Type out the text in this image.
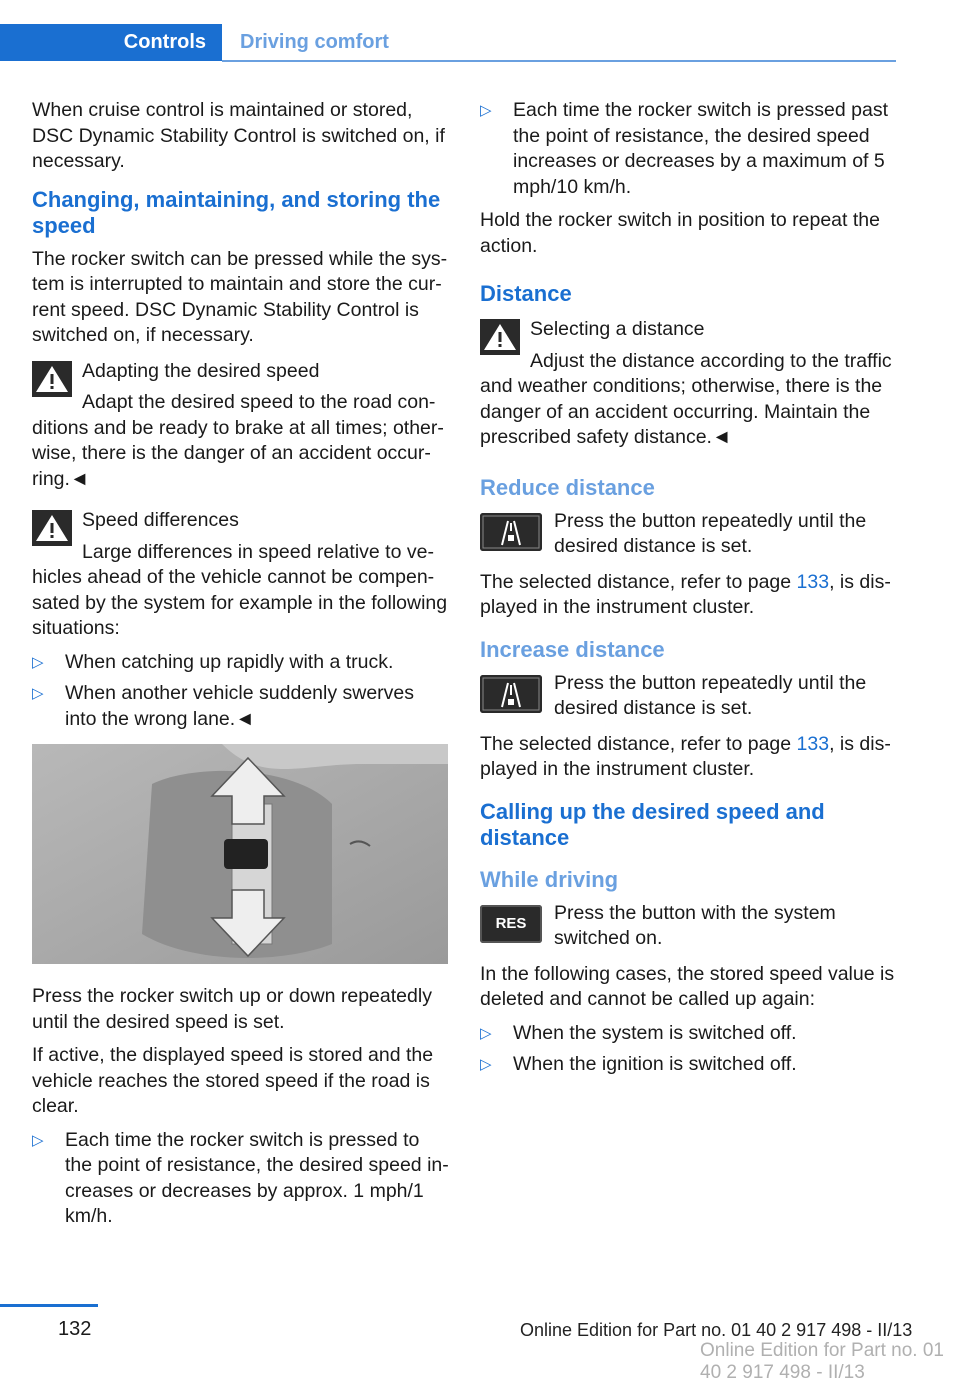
Controls	Driving comfort

When cruise control is maintained or stored, DSC Dynamic Stability Control is switched on, if necessary.

Changing, maintaining, and storing the speed

The rocker switch can be pressed while the sys-tem is interrupted to maintain and store the cur-rent speed. DSC Dynamic Stability Control is switched on, if necessary.

Adapting the desired speed
Adapt the desired speed to the road con-ditions and be ready to brake at all times; other-wise, there is the danger of an accident occur-ring.◄
Speed differences
Large differences in speed relative to ve-hicles ahead of the vehicle cannot be compen-sated by the system for example in the following situations:
▷ When catching up rapidly with a truck.
▷ When another vehicle suddenly swerves into the wrong lane.◄

Press the rocker switch up or down repeatedly until the desired speed is set.

If active, the displayed speed is stored and the vehicle reaches the stored speed if the road is clear.

▷ Each time the rocker switch is pressed to the point of resistance, the desired speed in-creases or decreases by approx. 1 mph/1 km/h.
▷ Each time the rocker switch is pressed past the point of resistance, the desired speed increases or decreases by a maximum of 5 mph/10 km/h.

Hold the rocker switch in position to repeat the action.

Distance
Selecting a distance
Adjust the distance according to the traffic and weather conditions; otherwise, there is the danger of an accident occurring. Maintain the prescribed safety distance.◄
Reduce distance
Press the button repeatedly until the desired distance is set.

The selected distance, refer to page 133, is dis-played in the instrument cluster.

Increase distance
Press the button repeatedly until the desired distance is set.

The selected distance, refer to page 133, is dis-played in the instrument cluster.

Calling up the desired speed and distance
While driving
RES Press the button with the system switched on.

In the following cases, the stored speed value is deleted and cannot be called up again:

▷ When the system is switched off.
▷ When the ignition is switched off.
132	Online Edition for Part no. 01 40 2 917 498 - II/13
Online Edition for Part no. 01 40 2 917 498 - II/13
